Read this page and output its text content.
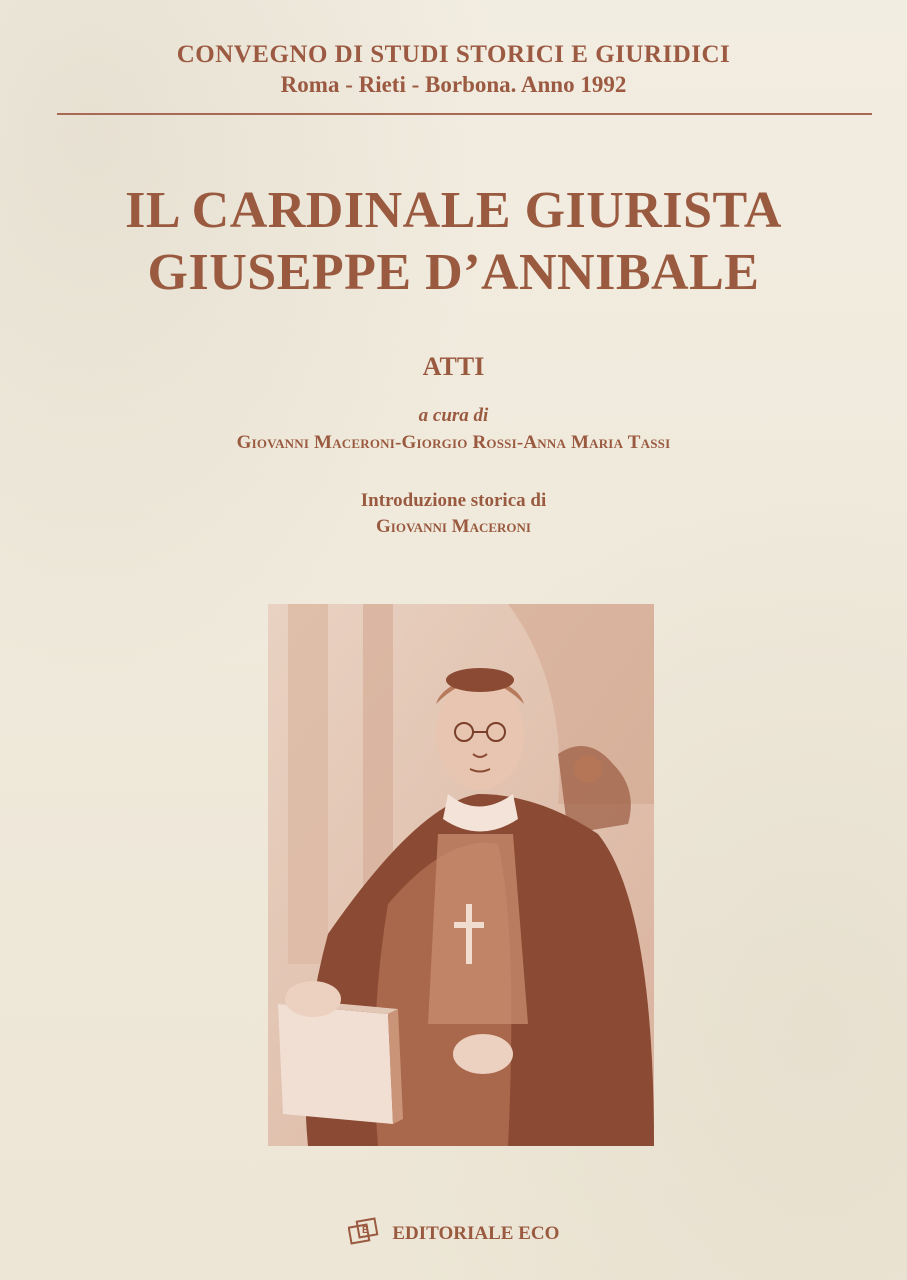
CONVEGNO DI STUDI STORICI E GIURIDICI
Roma - Rieti - Borbona. Anno 1992
IL CARDINALE GIURISTA
GIUSEPPE D’ANNIBALE
ATTI
a cura di
Giovanni Maceroni-Giorgio Rossi-Anna Maria Tassi
Introduzione storica di
Giovanni Maceroni
E EDITORIALE ECO
